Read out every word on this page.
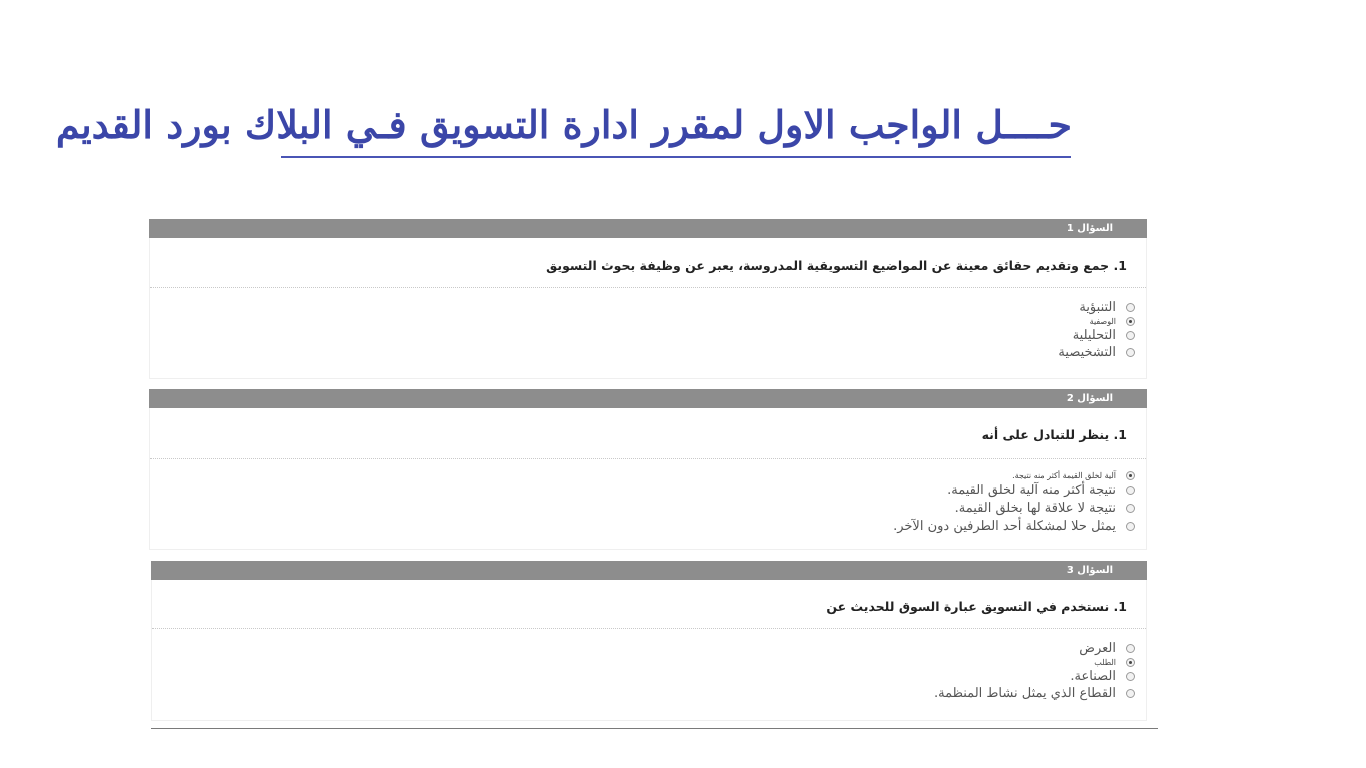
حــــل الواجب الاول لمقرر ادارة التسويق فـي البلاك بورد القديم
السؤال 1
1. جمع وتقديم حقائق معينة عن المواضيع التسويقية المدروسة، يعبر عن وظيفة بحوث التسويق
التنبؤية
الوصفية
التحليلية
التشخيصية
السؤال 2
1. ينظر للتبادل على أنه
آلية لخلق القيمة أكثر منه نتيجة.
نتيجة أكثر منه آلية لخلق القيمة.
نتيجة لا علاقة لها بخلق القيمة.
يمثل حلا لمشكلة أحد الطرفين دون الآخر.
السؤال 3
1. نستخدم في التسويق عبارة السوق للحديث عن
العرض
الطلب
الصناعة.
القطاع الذي يمثل نشاط المنظمة.
